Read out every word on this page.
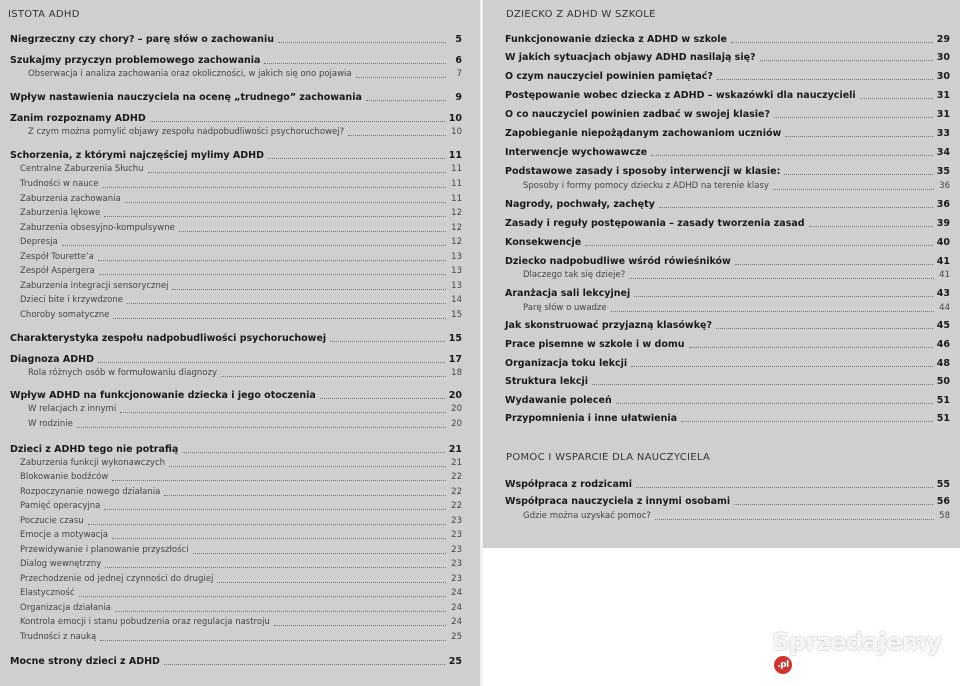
ISTOTA ADHD
Niegrzeczny czy chory? – parę słów o zachowaniu	5
Szukajmy przyczyn problemowego zachowania	6
Obserwacja i analiza zachowania oraz okoliczności, w jakich się ono pojawia	7
Wpływ nastawienia nauczyciela na ocenę „trudnego” zachowania	9
Zanim rozpoznamy ADHD	10
Z czym można pomylić objawy zespołu nadpobudliwości psychoruchowej?	10
Schorzenia, z którymi najczęściej mylimy ADHD	11
Centralne Zaburzenia Słuchu	11
Trudności w nauce	11
Zaburzenia zachowania	11
Zaburzenia lękowe	12
Zaburzenia obsesyjno-kompulsywne	12
Depresja	12
Zespół Tourette’a	13
Zespół Aspergera	13
Zaburzenia integracji sensorycznej	13
Dzieci bite i krzywdzone	14
Choroby somatyczne	15
Charakterystyka zespołu nadpobudliwości psychoruchowej	15
Diagnoza ADHD	17
Rola różnych osób w formułowaniu diagnozy	18
Wpływ ADHD na funkcjonowanie dziecka i jego otoczenia	20
W relacjach z innymi	20
W rodzinie	20
Dzieci z ADHD tego nie potrafią	21
Zaburzenia funkcji wykonawczych	21
Blokowanie bodźców	22
Rozpoczynanie nowego działania	22
Pamięć operacyjna	22
Poczucie czasu	23
Emocje a motywacja	23
Przewidywanie i planowanie przyszłości	23
Dialog wewnętrzny	23
Przechodzenie od jednej czynności do drugiej	23
Elastyczność	24
Organizacja działania	24
Kontrola emocji i stanu pobudzenia oraz regulacja nastroju	24
Trudności z nauką	25
Mocne strony dzieci z ADHD	25
DZIECKO Z ADHD W SZKOLE
Funkcjonowanie dziecka z ADHD w szkole	29
W jakich sytuacjach objawy ADHD nasilają się?	30
O czym nauczyciel powinien pamiętać?	30
Postępowanie wobec dziecka z ADHD – wskazówki dla nauczycieli	31
O co nauczyciel powinien zadbać w swojej klasie?	31
Zapobieganie niepożądanym zachowaniom uczniów	33
Interwencje wychowawcze	34
Podstawowe zasady i sposoby interwencji w klasie:	35
Sposoby i formy pomocy dziecku z ADHD na terenie klasy	36
Nagrody, pochwały, zachęty	36
Zasady i reguły postępowania – zasady tworzenia zasad	39
Konsekwencje	40
Dziecko nadpobudliwe wśród rówieśników	41
Dlaczego tak się dzieje?	41
Aranżacja sali lekcyjnej	43
Parę słów o uwadze	44
Jak skonstruować przyjazną klasówkę?	45
Prace pisemne w szkole i w domu	46
Organizacja toku lekcji	48
Struktura lekcji	50
Wydawanie poleceń	51
Przypomnienia i inne ułatwienia	51
POMOC I WSPARCIE DLA NAUCZYCIELA
Współpraca z rodzicami	55
Współpraca nauczyciela z innymi osobami	56
Gdzie można uzyskać pomoc?	58
Sprzedajemy.pl
